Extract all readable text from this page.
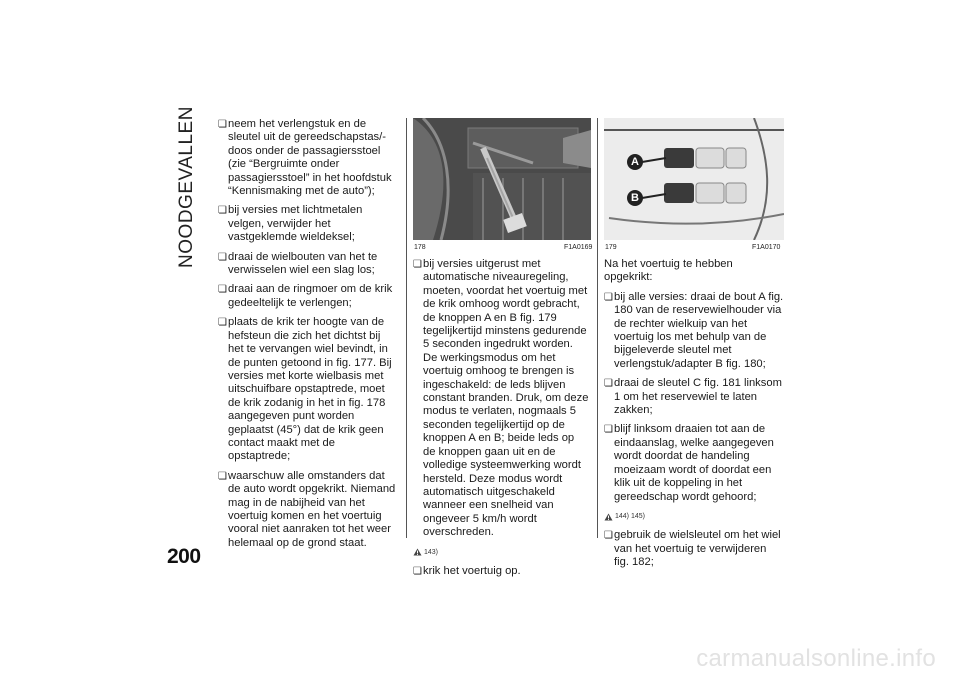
NOODGEVALLEN ❏ neem het verlengstuk en de sleutel uit de gereedschapstas/-doos onder de passagiersstoel (zie “Bergruimte onder passagiersstoel” in het hoofdstuk “Kennismaking met de auto”);
❏ bij versies met lichtmetalen velgen, verwijder het vastgeklemde wieldeksel;
❏ draai de wielbouten van het te verwisselen wiel een slag los;
❏ draai aan de ringmoer om de krik gedeeltelijk te verlengen;
❏ plaats de krik ter hoogte van de hefsteun die zich het dichtst bij het te vervangen wiel bevindt, in de punten getoond in fig. 177. Bij versies met korte wielbasis met uitschuifbare opstaptrede, moet de krik zodanig in het in fig. 178 aangegeven punt worden geplaatst (45°) dat de krik geen contact maakt met de opstaptrede;
❏ waarschuw alle omstanders dat de auto wordt opgekrikt. Niemand mag in de nabijheid van het voertuig komen en het voertuig vooral niet aanraken tot het weer helemaal op de grond staat.
178	F1A0169
A
B
179	F1A0170
❏ bij versies uitgerust met automatische niveauregeling, moeten, voordat het voertuig met de krik omhoog wordt gebracht, de knoppen A en B fig. 179 tegelijkertijd minstens gedurende 5 seconden ingedrukt worden. De werkingsmodus om het voertuig omhoog te brengen is ingeschakeld: de leds blijven constant branden. Druk, om deze modus te verlaten, nogmaals 5 seconden tegelijkertijd op de knoppen A en B; beide leds op de knoppen gaan uit en de volledige systeemwerking wordt hersteld. Deze modus wordt automatisch uitgeschakeld wanneer een snelheid van ongeveer 5 km/h wordt overschreden.
143)
❏ krik het voertuig op.
Na het voertuig te hebben opgekrikt:
❏ bij alle versies: draai de bout A fig. 180 van de reservewielhouder via de rechter wielkuip van het voertuig los met behulp van de bijgeleverde sleutel met verlengstuk/adapter B fig. 180;
❏ draai de sleutel C fig. 181 linksom 1 om het reservewiel te laten zakken;
❏ blijf linksom draaien tot aan de eindaanslag, welke aangegeven wordt doordat de handeling moeizaam wordt of doordat een klik uit de koppeling in het gereedschap wordt gehoord;
144) 145)
❏ gebruik de wielsleutel om het wiel van het voertuig te verwijderen fig. 182;
200
carmanualsonline.info
